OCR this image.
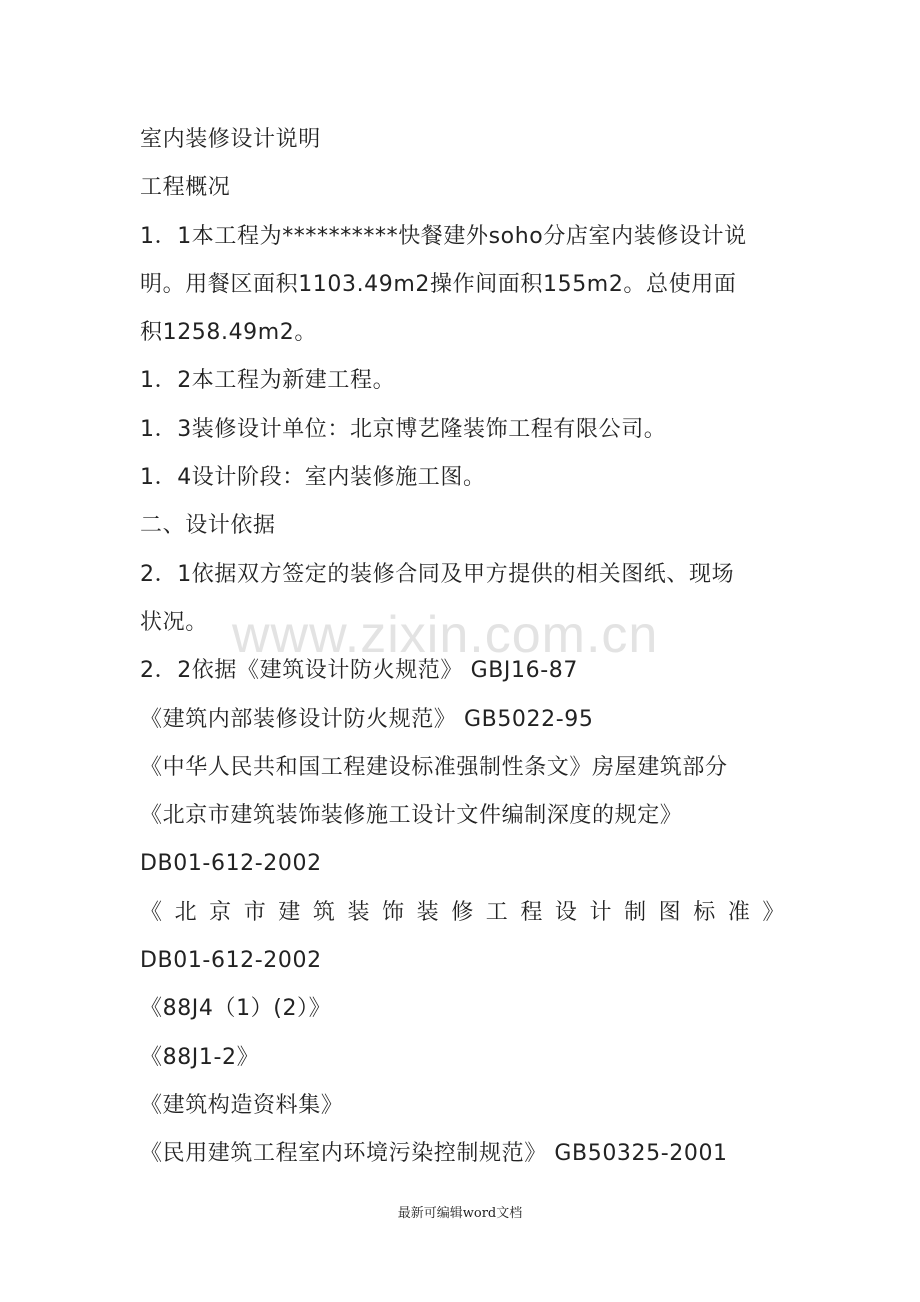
www.zixin.com.cn
室内装修设计说明
工程概况
1．1本工程为**********快餐建外soho分店室内装修设计说
明。用餐区面积1103.49m2操作间面积155m2。总使用面
积1258.49m2。
1．2本工程为新建工程。
1．3装修设计单位：北京博艺隆装饰工程有限公司。
1．4设计阶段：室内装修施工图。
二、设计依据
2．1依据双方签定的装修合同及甲方提供的相关图纸、现场
状况。
2．2依据《建筑设计防火规范》 GBJ16-87
《建筑内部装修设计防火规范》 GB5022-95
《中华人民共和国工程建设标准强制性条文》房屋建筑部分
《北京市建筑装饰装修施工设计文件编制深度的规定》
DB01-612-2002
《北京市建筑装饰装修工程设计制图标准》
DB01-612-2002
《88J4（1）(2）》
《88J1-2》
《建筑构造资料集》
《民用建筑工程室内环境污染控制规范》 GB50325-2001
最新可编辑word文档
